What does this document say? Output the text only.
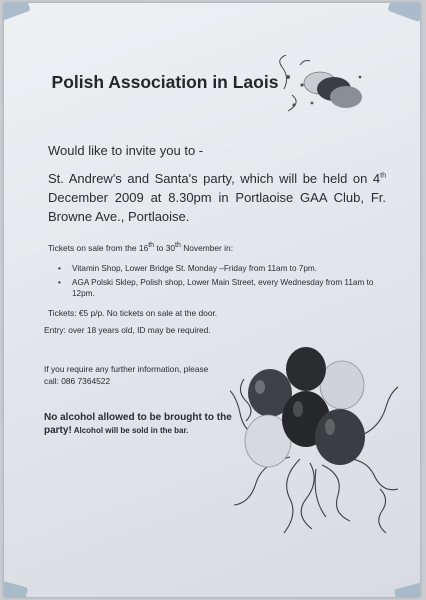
Polish Association in Laois
Would like to invite you to -
St. Andrew's and Santa's party, which will be held on 4th December 2009 at 8.30pm in Portlaoise GAA Club, Fr. Browne Ave., Portlaoise.
Tickets on sale from the 16th to 30th November in:
• Vitamin Shop, Lower Bridge St. Monday –Friday from 11am to 7pm.
• AGA Polski Sklep, Polish shop, Lower Main Street, every Wednesday from 11am to 12pm.
Tickets: €5 p/p. No tickets on sale at the door.
Entry: over 18 years old, ID may be required.
If you require any further information, please call: 086 7364522
No alcohol allowed to be brought to the party! Alcohol will be sold in the bar.
